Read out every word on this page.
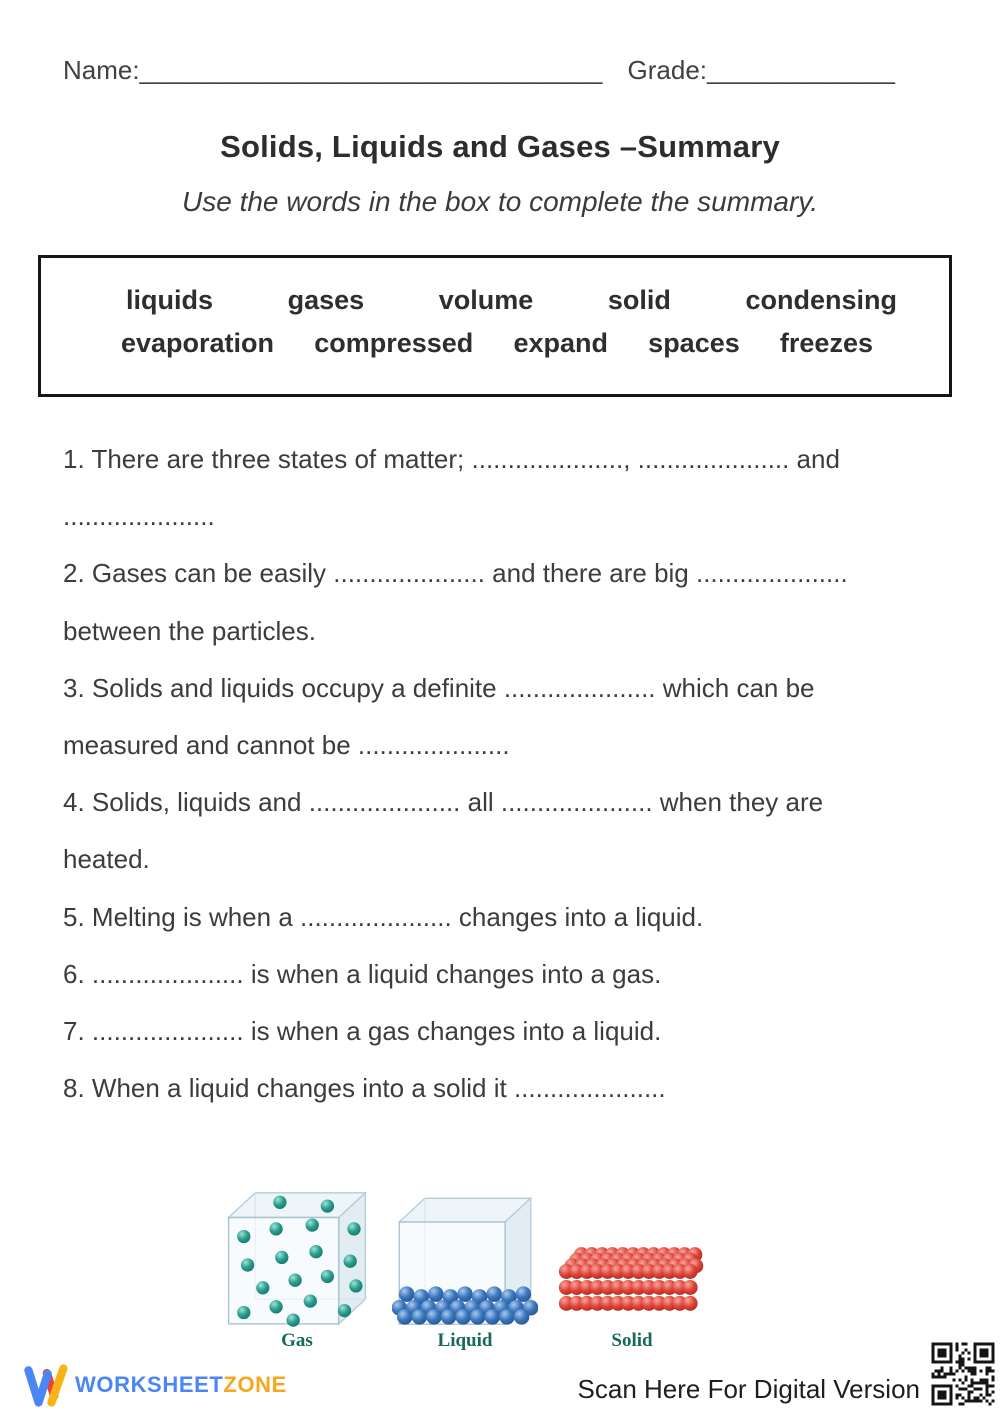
Name:________________________________ Grade:_____________
Solids, Liquids and Gases –Summary
Use the words in the box to complete the summary.
liquids	gases	volume	solid	condensing
evaporation compressed expand spaces freezes
1. There are three states of matter; ....................., ..................... and
.....................
2. Gases can be easily ..................... and there are big .....................
between the particles.
3. Solids and liquids occupy a definite ..................... which can be
measured and cannot be .....................
4. Solids, liquids and ..................... all ..................... when they are
heated.
5. Melting is when a ..................... changes into a liquid.
6. ..................... is when a liquid changes into a gas.
7. ..................... is when a gas changes into a liquid.
8. When a liquid changes into a solid it .....................
Gas	Liquid	Solid
WORKSHEETZONE	Scan Here For Digital Version
